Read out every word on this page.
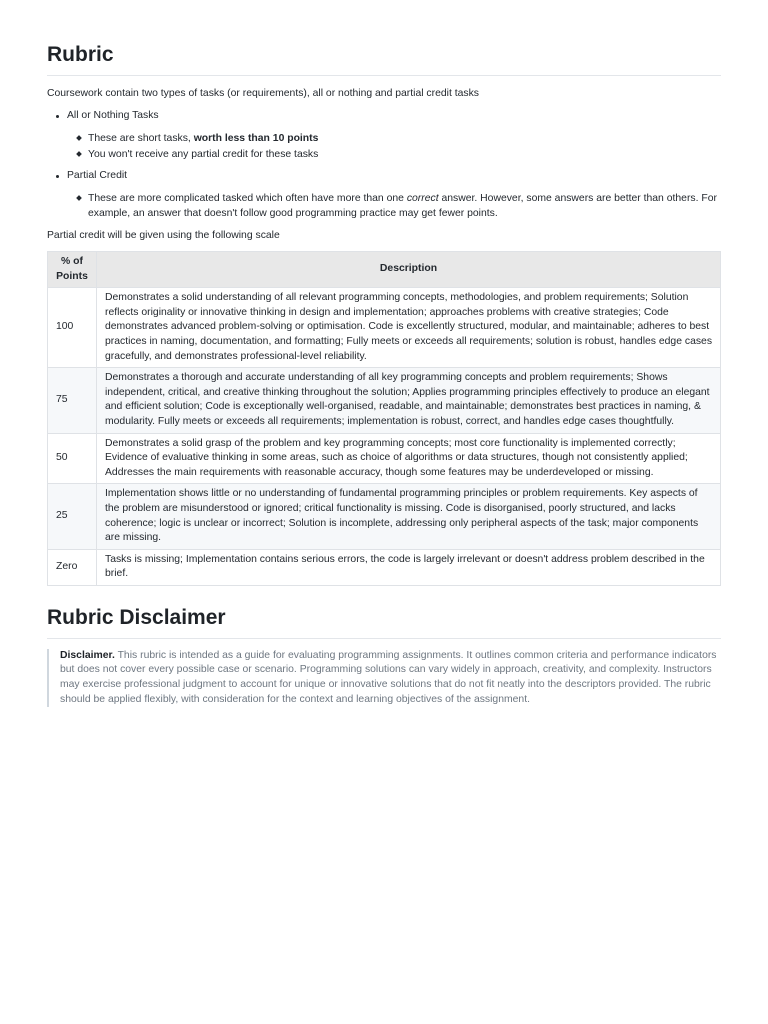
Rubric

Coursework contain two types of tasks (or requirements), all or nothing and partial credit tasks

All or Nothing Tasks
These are short tasks, worth less than 10 points
You won't receive any partial credit for these tasks
Partial Credit
These are more complicated tasked which often have more than one correct answer. However, some answers are better than others. For example, an answer that doesn't follow good programming practice may get fewer points.

Partial credit will be given using the following scale

% of Points	Description
100	Demonstrates a solid understanding of all relevant programming concepts, methodologies, and problem requirements; Solution reflects originality or innovative thinking in design and implementation; approaches problems with creative strategies; Code demonstrates advanced problem-solving or optimisation. Code is excellently structured, modular, and maintainable; adheres to best practices in naming, documentation, and formatting; Fully meets or exceeds all requirements; solution is robust, handles edge cases gracefully, and demonstrates professional-level reliability.
75	Demonstrates a thorough and accurate understanding of all key programming concepts and problem requirements; Shows independent, critical, and creative thinking throughout the solution; Applies programming principles effectively to produce an elegant and efficient solution; Code is exceptionally well-organised, readable, and maintainable; demonstrates best practices in naming, & modularity. Fully meets or exceeds all requirements; implementation is robust, correct, and handles edge cases thoughtfully.
50	Demonstrates a solid grasp of the problem and key programming concepts; most core functionality is implemented correctly; Evidence of evaluative thinking in some areas, such as choice of algorithms or data structures, though not consistently applied; Addresses the main requirements with reasonable accuracy, though some features may be underdeveloped or missing.
25	Implementation shows little or no understanding of fundamental programming principles or problem requirements. Key aspects of the problem are misunderstood or ignored; critical functionality is missing. Code is disorganised, poorly structured, and lacks coherence; logic is unclear or incorrect; Solution is incomplete, addressing only peripheral aspects of the task; major components are missing.
Zero	Tasks is missing; Implementation contains serious errors, the code is largely irrelevant or doesn't address problem described in the brief.
Rubric Disclaimer
Disclaimer. This rubric is intended as a guide for evaluating programming assignments. It outlines common criteria and performance indicators but does not cover every possible case or scenario. Programming solutions can vary widely in approach, creativity, and complexity. Instructors may exercise professional judgment to account for unique or innovative solutions that do not fit neatly into the descriptors provided. The rubric should be applied flexibly, with consideration for the context and learning objectives of the assignment.
